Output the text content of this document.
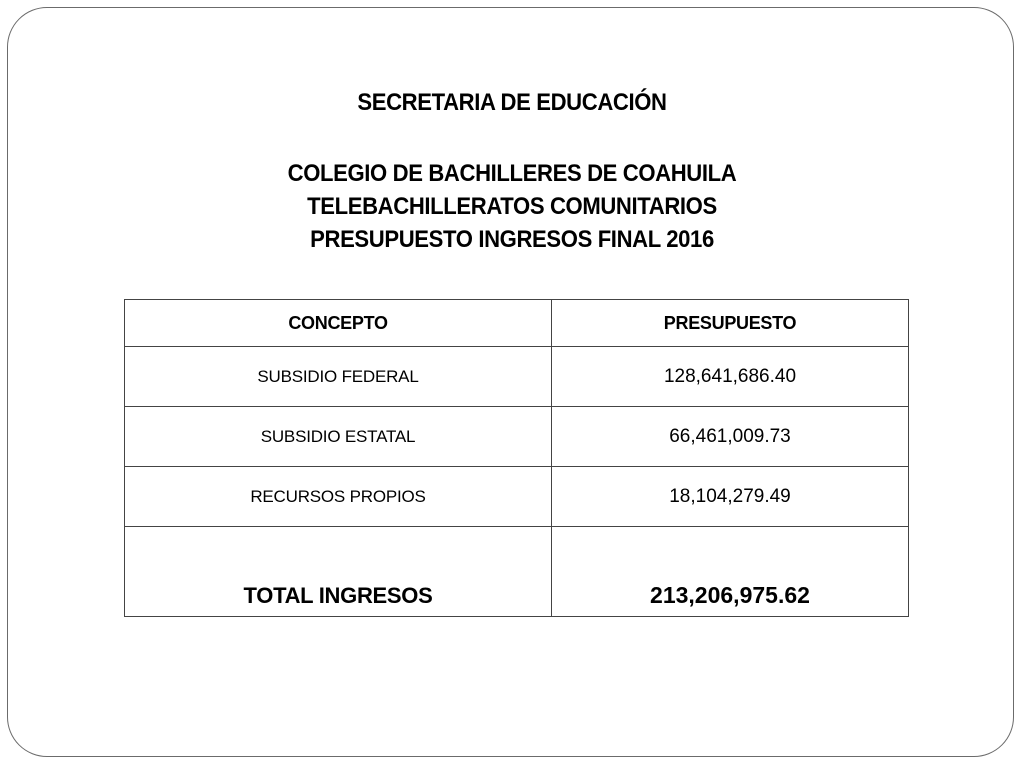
SECRETARIA DE EDUCACIÓN
COLEGIO DE BACHILLERES DE COAHUILA
TELEBACHILLERATOS COMUNITARIOS
PRESUPUESTO INGRESOS FINAL 2016
CONCEPTO	PRESUPUESTO
SUBSIDIO FEDERAL	128,641,686.40
SUBSIDIO ESTATAL	66,461,009.73
RECURSOS PROPIOS	18,104,279.49
TOTAL INGRESOS	213,206,975.62
